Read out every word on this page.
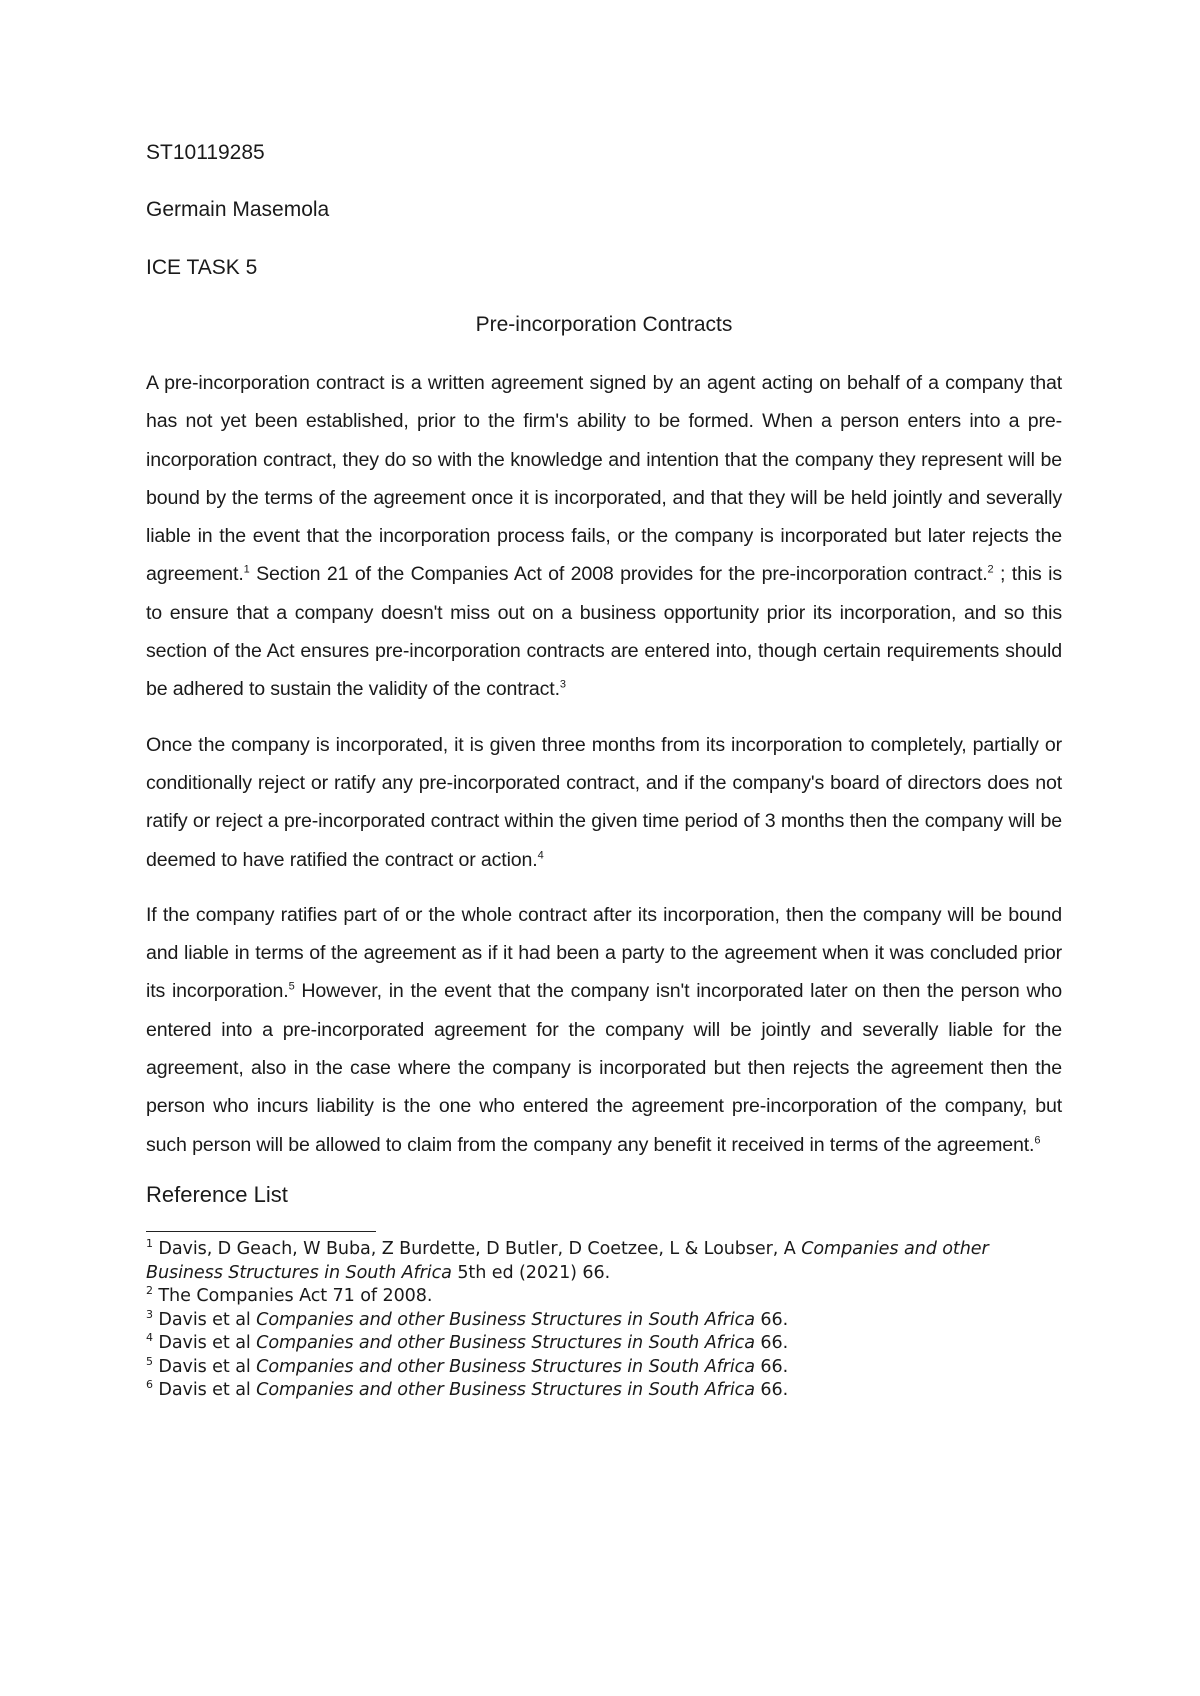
ST10119285
Germain Masemola
ICE TASK 5
Pre-incorporation Contracts

A pre-incorporation contract is a written agreement signed by an agent acting on behalf of a company that has not yet been established, prior to the firm's ability to be formed. When a person enters into a pre-incorporation contract, they do so with the knowledge and intention that the company they represent will be bound by the terms of the agreement once it is incorporated, and that they will be held jointly and severally liable in the event that the incorporation process fails, or the company is incorporated but later rejects the agreement.$^1$ Section 21 of the Companies Act of 2008 provides for the pre-incorporation contract.$^2$ ; this is to ensure that a company doesn't miss out on a business opportunity prior its incorporation, and so this section of the Act ensures pre-incorporation contracts are entered into, though certain requirements should be adhered to sustain the validity of the contract.$^3$

Once the company is incorporated, it is given three months from its incorporation to completely, partially or conditionally reject or ratify any pre-incorporated contract, and if the company's board of directors does not ratify or reject a pre-incorporated contract within the given time period of 3 months then the company will be deemed to have ratified the contract or action.$^4$

If the company ratifies part of or the whole contract after its incorporation, then the company will be bound and liable in terms of the agreement as if it had been a party to the agreement when it was concluded prior its incorporation.$^5$ However, in the event that the company isn't incorporated later on then the person who entered into a pre-incorporated agreement for the company will be jointly and severally liable for the agreement, also in the case where the company is incorporated but then rejects the agreement then the person who incurs liability is the one who entered the agreement pre-incorporation of the company, but such person will be allowed to claim from the company any benefit it received in terms of the agreement.$^6$

Reference List

$^1$ Davis, D Geach, W Buba, Z Burdette, D Butler, D Coetzee, L & Loubser, A Companies and other Business Structures in South Africa 5th ed (2021) 66.

$^2$ The Companies Act 71 of 2008.

$^3$ Davis et al Companies and other Business Structures in South Africa 66.

$^4$ Davis et al Companies and other Business Structures in South Africa 66.

$^5$ Davis et al Companies and other Business Structures in South Africa 66.

$^6$ Davis et al Companies and other Business Structures in South Africa 66.
